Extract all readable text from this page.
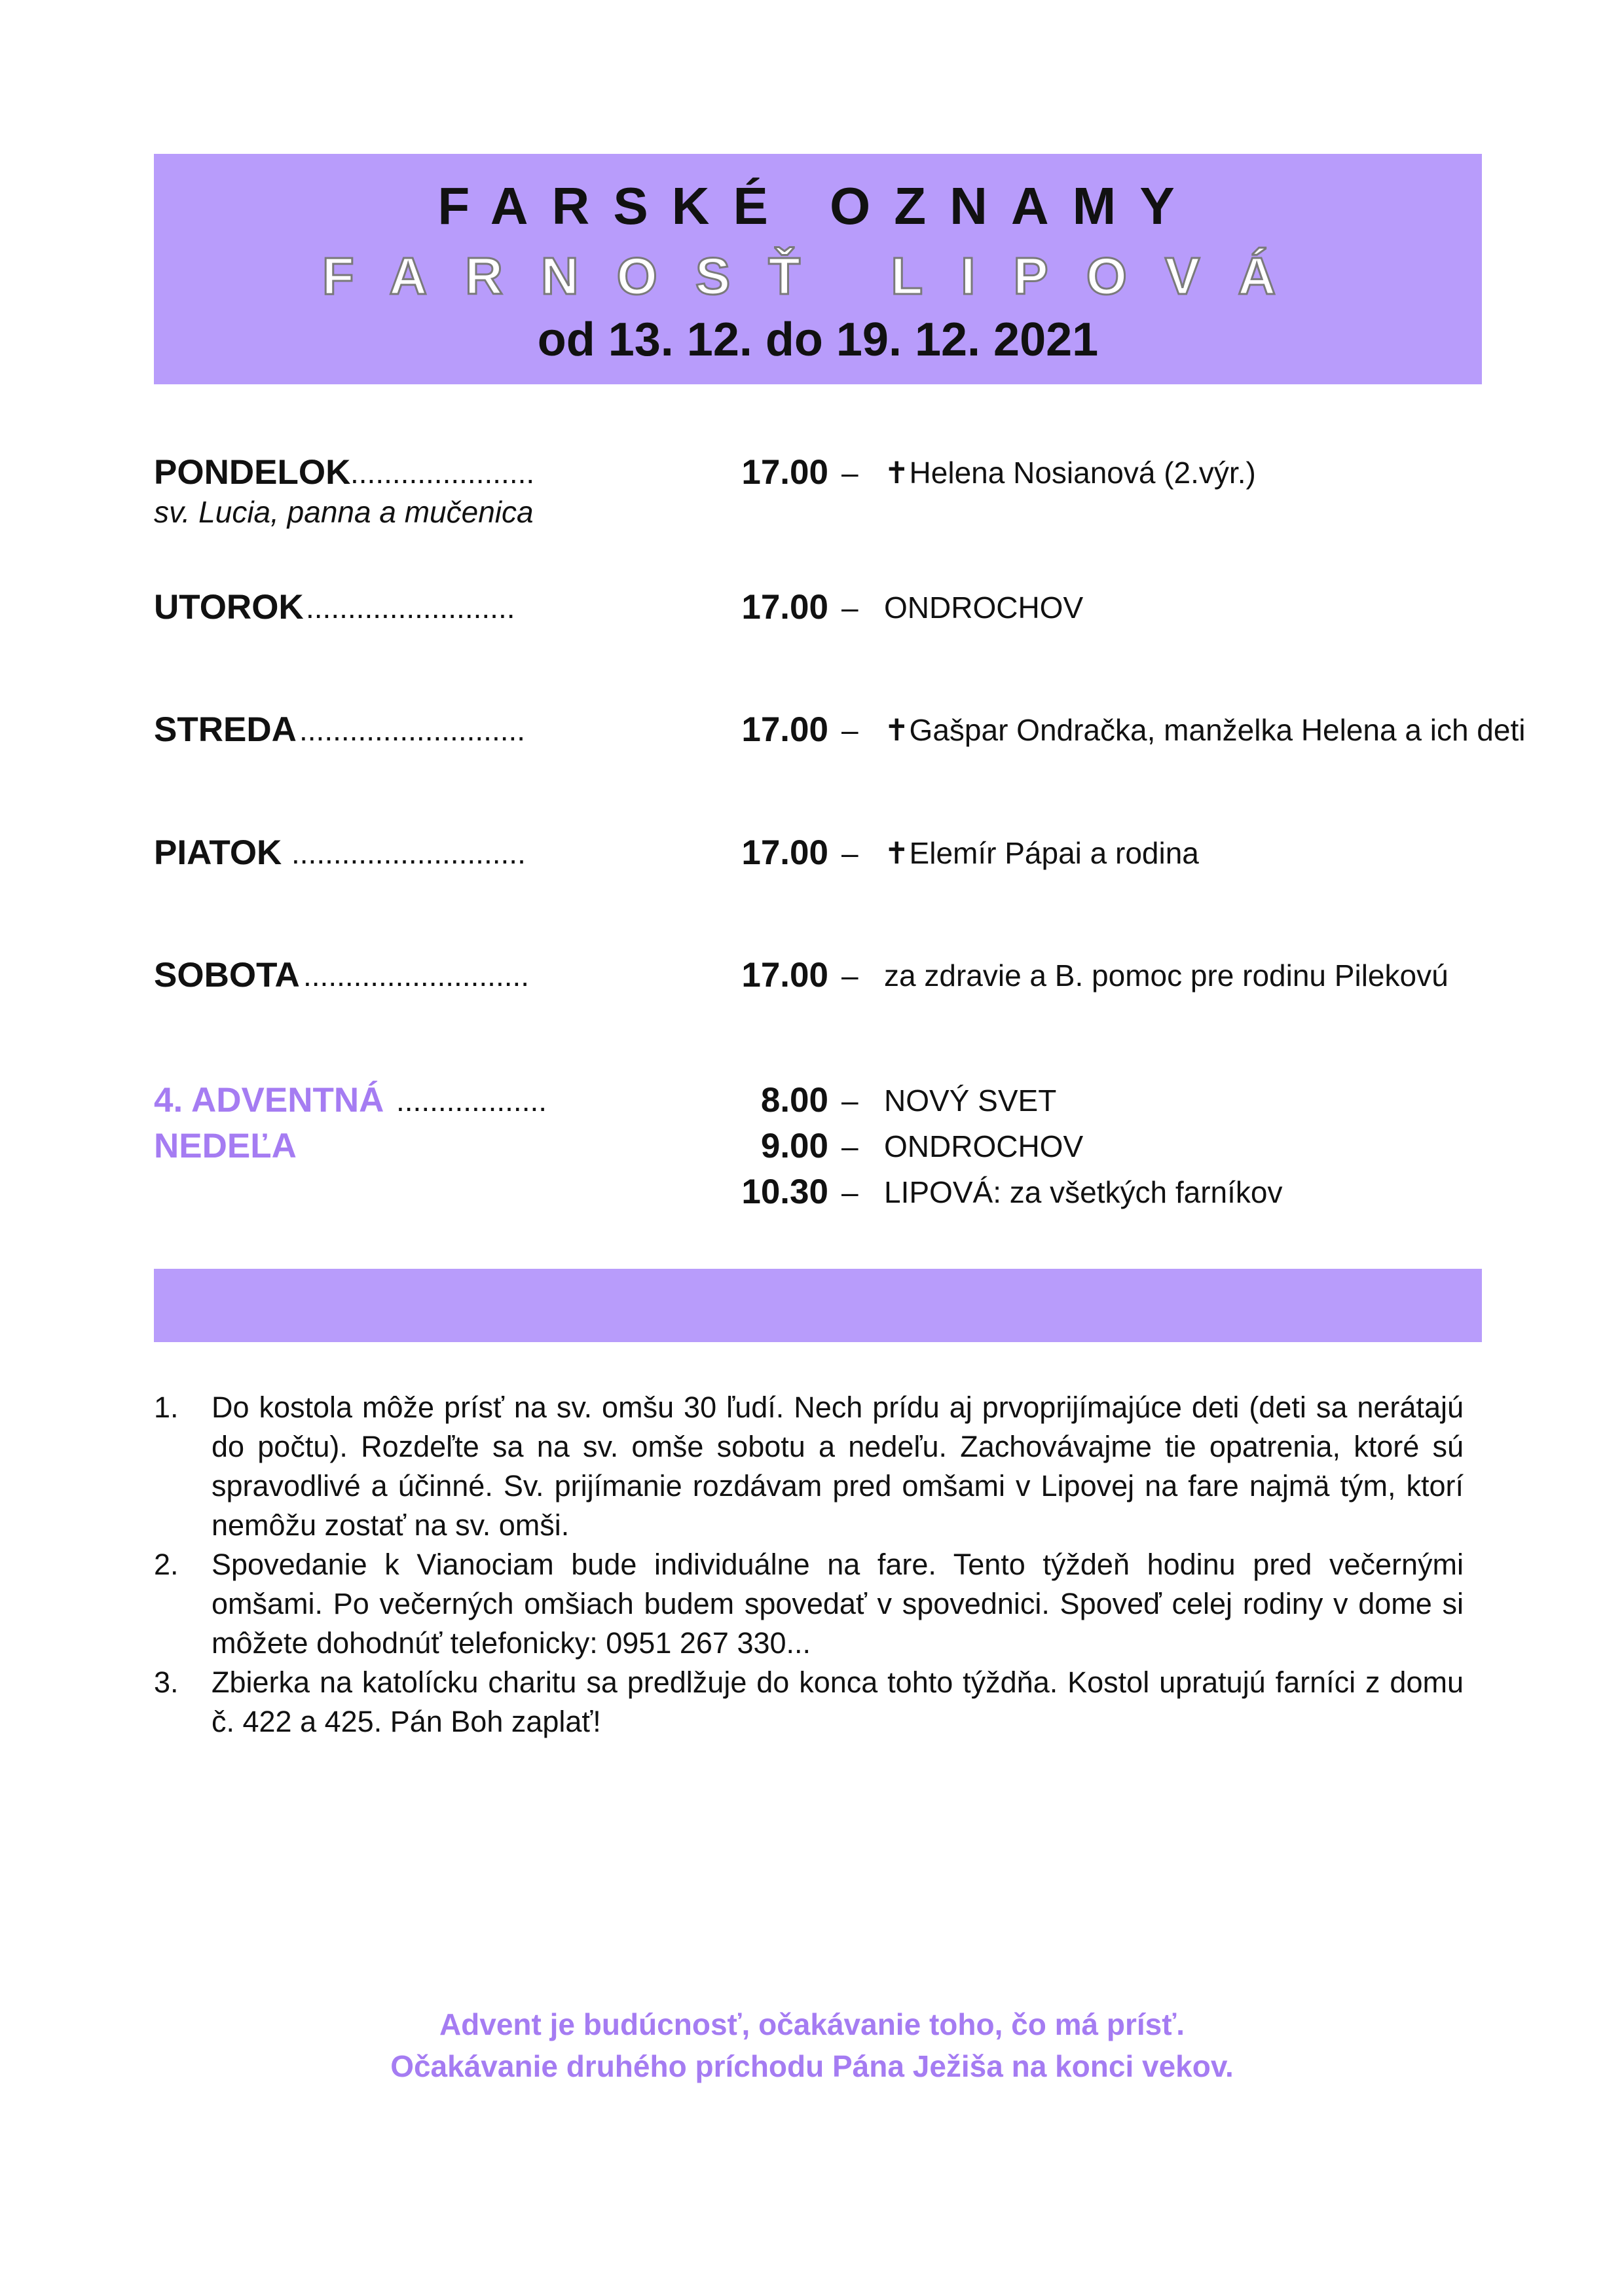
FARSKÉ OZNAMY
FARNOSŤ LIPOVÁ
od 13. 12. do 19. 12. 2021
PONDELOK ......................	17.00 – ✝Helena Nosianová (2.výr.)
sv. Lucia, panna a mučenica
UTOROK .........................	17.00 – ONDROCHOV
STREDA ...........................	17.00 – ✝Gašpar Ondračka, manželka Helena a ich deti
PIATOK ............................	17.00 – ✝Elemír Pápai a rodina
SOBOTA ...........................	17.00 – za zdravie a B. pomoc pre rodinu Pilekovú
4. ADVENTNÁ ..................	8.00 – NOVÝ SVET
NEDEĽA	9.00 – ONDROCHOV
10.30 – LIPOVÁ: za všetkých farníkov

1. Do kostola môže prísť na sv. omšu 30 ľudí. Nech prídu aj prvoprijímajúce deti (deti sa nerátajú do počtu). Rozdeľte sa na sv. omše sobotu a nedeľu. Zachovávajme tie opatrenia, ktoré sú spravodlivé a účinné. Sv. prijímanie rozdávam pred omšami v Lipovej na fare najmä tým, ktorí nemôžu zostať na sv. omši.

2. Spovedanie k Vianociam bude individuálne na fare. Tento týždeň hodinu pred večernými omšami. Po večerných omšiach budem spovedať v spovednici. Spoveď celej rodiny v dome si môžete dohodnúť telefonicky: 0951 267 330...

3. Zbierka na katolícku charitu sa predlžuje do konca tohto týždňa. Kostol upratujú farníci z domu č. 422 a 425. Pán Boh zaplať!

Advent je budúcnosť, očakávanie toho, čo má prísť.
Očakávanie druhého príchodu Pána Ježiša na konci vekov.
